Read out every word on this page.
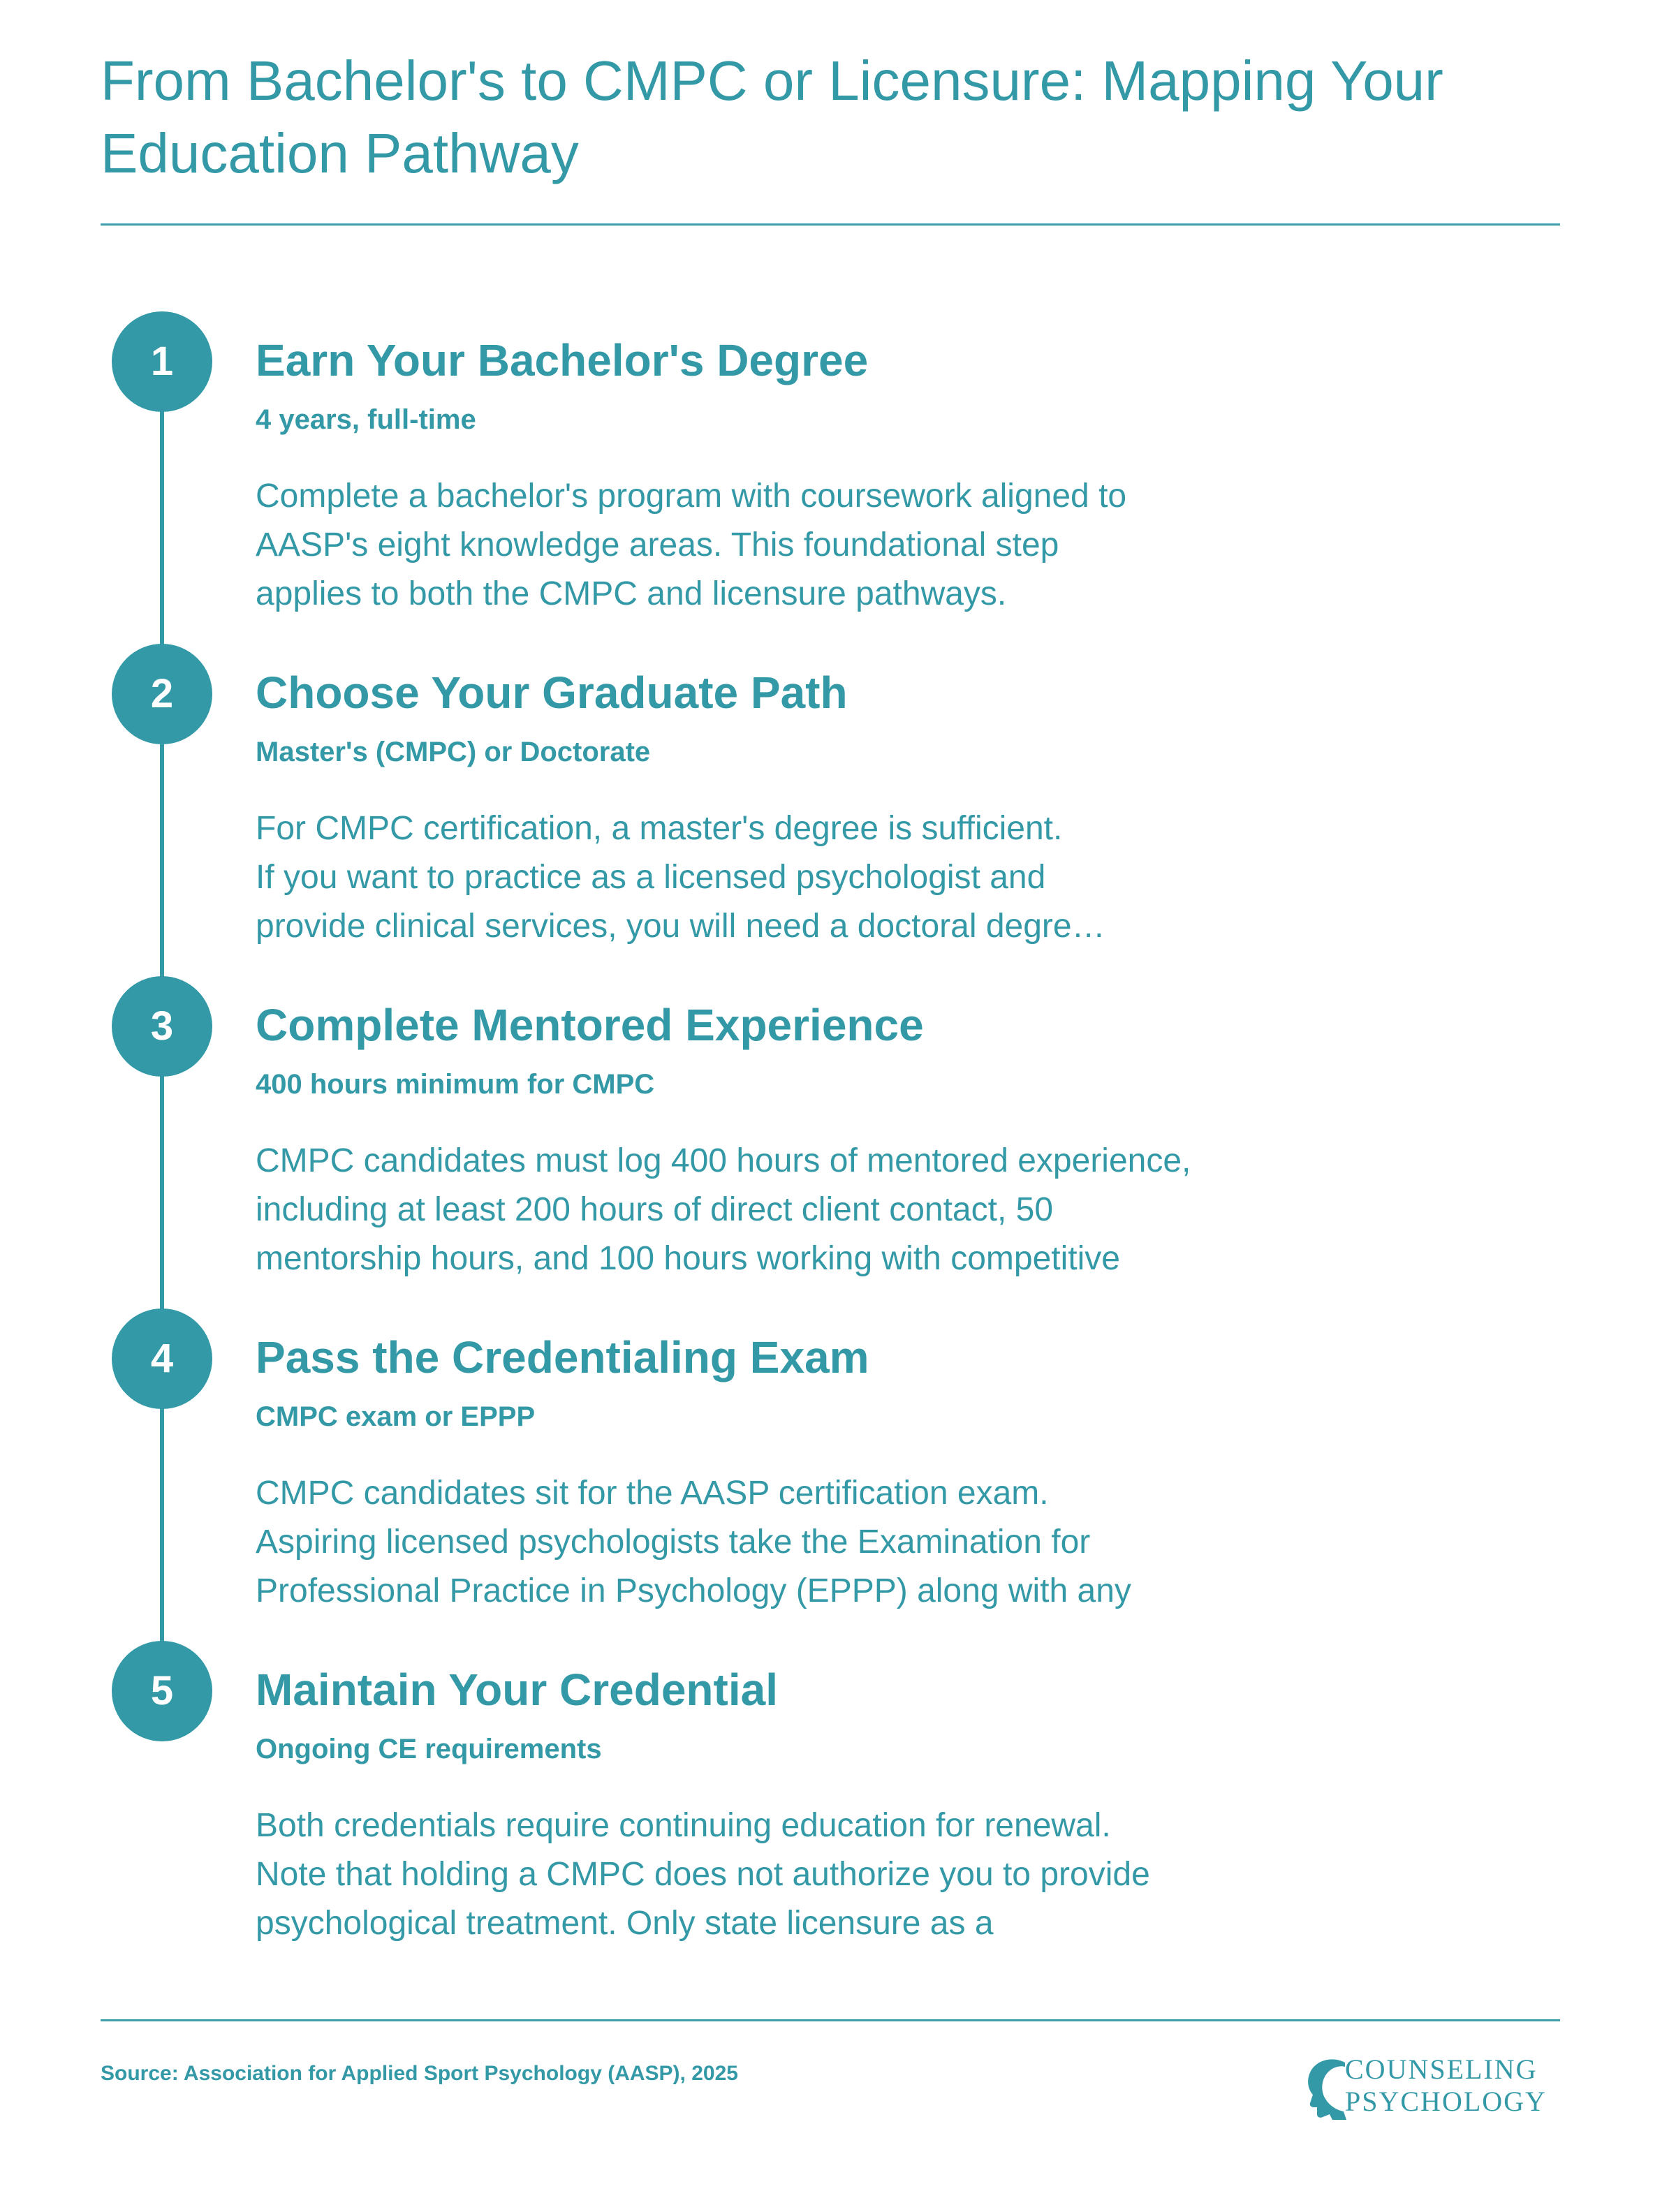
From Bachelor's to CMPC or Licensure: Mapping Your Education Pathway
1	Earn Your Bachelor's Degree
4 years, full-time
Complete a bachelor's program with coursework aligned to
AASP's eight knowledge areas. This foundational step
applies to both the CMPC and licensure pathways.
2	Choose Your Graduate Path
Master's (CMPC) or Doctorate
For CMPC certification, a master's degree is sufficient.
If you want to practice as a licensed psychologist and
provide clinical services, you will need a doctoral degre…
3	Complete Mentored Experience
400 hours minimum for CMPC
CMPC candidates must log 400 hours of mentored experience,
including at least 200 hours of direct client contact, 50
mentorship hours, and 100 hours working with competitive
4	Pass the Credentialing Exam
CMPC exam or EPPP
CMPC candidates sit for the AASP certification exam.
Aspiring licensed psychologists take the Examination for
Professional Practice in Psychology (EPPP) along with any
5	Maintain Your Credential
Ongoing CE requirements
Both credentials require continuing education for renewal.
Note that holding a CMPC does not authorize you to provide
psychological treatment. Only state licensure as a
Source: Association for Applied Sport Psychology (AASP), 2025	COUNSELING
PSYCHOLOGY
